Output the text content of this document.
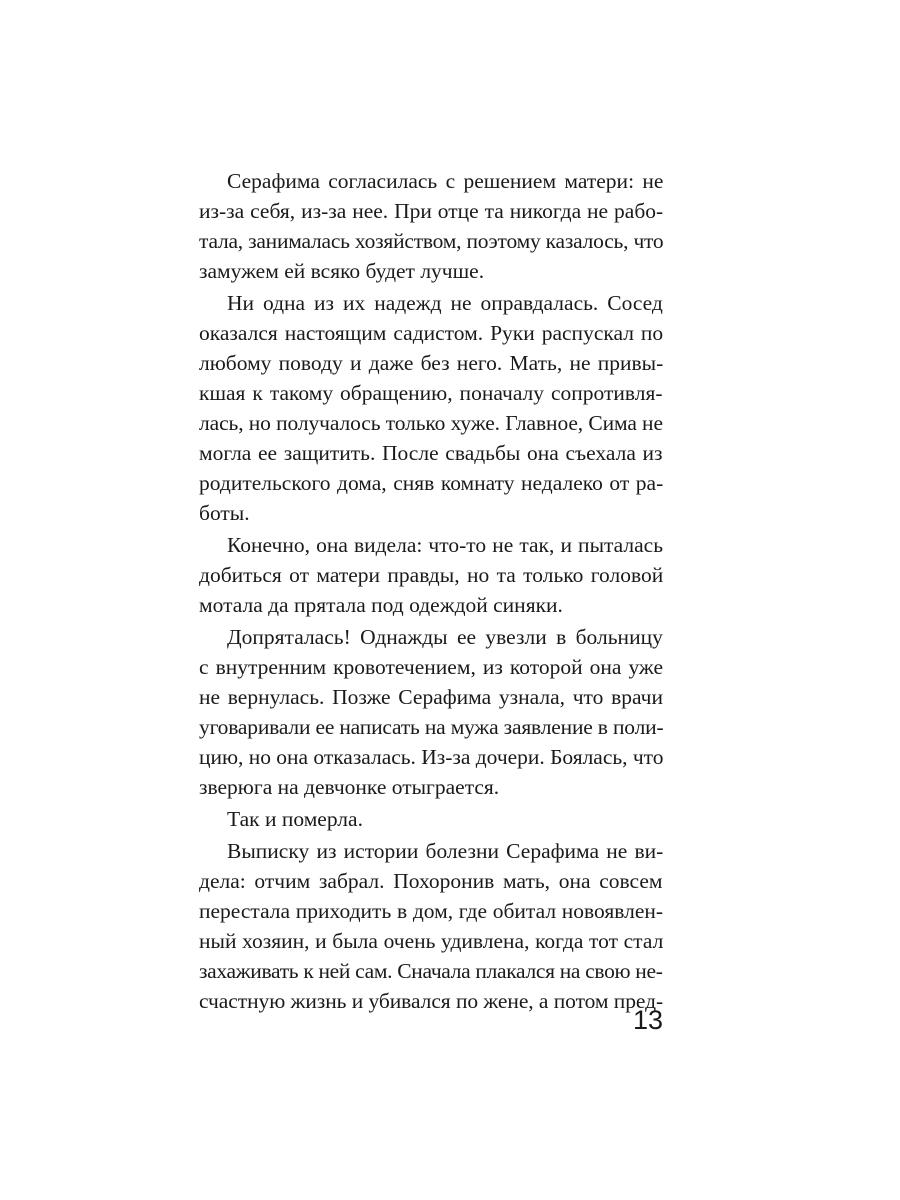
Серафима согласилась с решением матери: не
из-за себя, из-за нее. При отце та никогда не рабо-
тала, занималась хозяйством, поэтому казалось, что
замужем ей всяко будет лучше.
Ни одна из их надежд не оправдалась. Сосед
оказался настоящим садистом. Руки распускал по
любому поводу и даже без него. Мать, не привы-
кшая к такому обращению, поначалу сопротивля-
лась, но получалось только хуже. Главное, Сима не
могла ее защитить. После свадьбы она съехала из
родительского дома, сняв комнату недалеко от ра-
боты.
Конечно, она видела: что-то не так, и пыталась
добиться от матери правды, но та только головой
мотала да прятала под одеждой синяки.
Допряталась! Однажды ее увезли в больницу
с внутренним кровотечением, из которой она уже
не вернулась. Позже Серафима узнала, что врачи
уговаривали ее написать на мужа заявление в поли-
цию, но она отказалась. Из-за дочери. Боялась, что
зверюга на девчонке отыграется.
Так и померла.
Выписку из истории болезни Серафима не ви-
дела: отчим забрал. Похоронив мать, она совсем
перестала приходить в дом, где обитал новоявлен-
ный хозяин, и была очень удивлена, когда тот стал
захаживать к ней сам. Сначала плакался на свою не-
счастную жизнь и убивался по жене, а потом пред-
13
